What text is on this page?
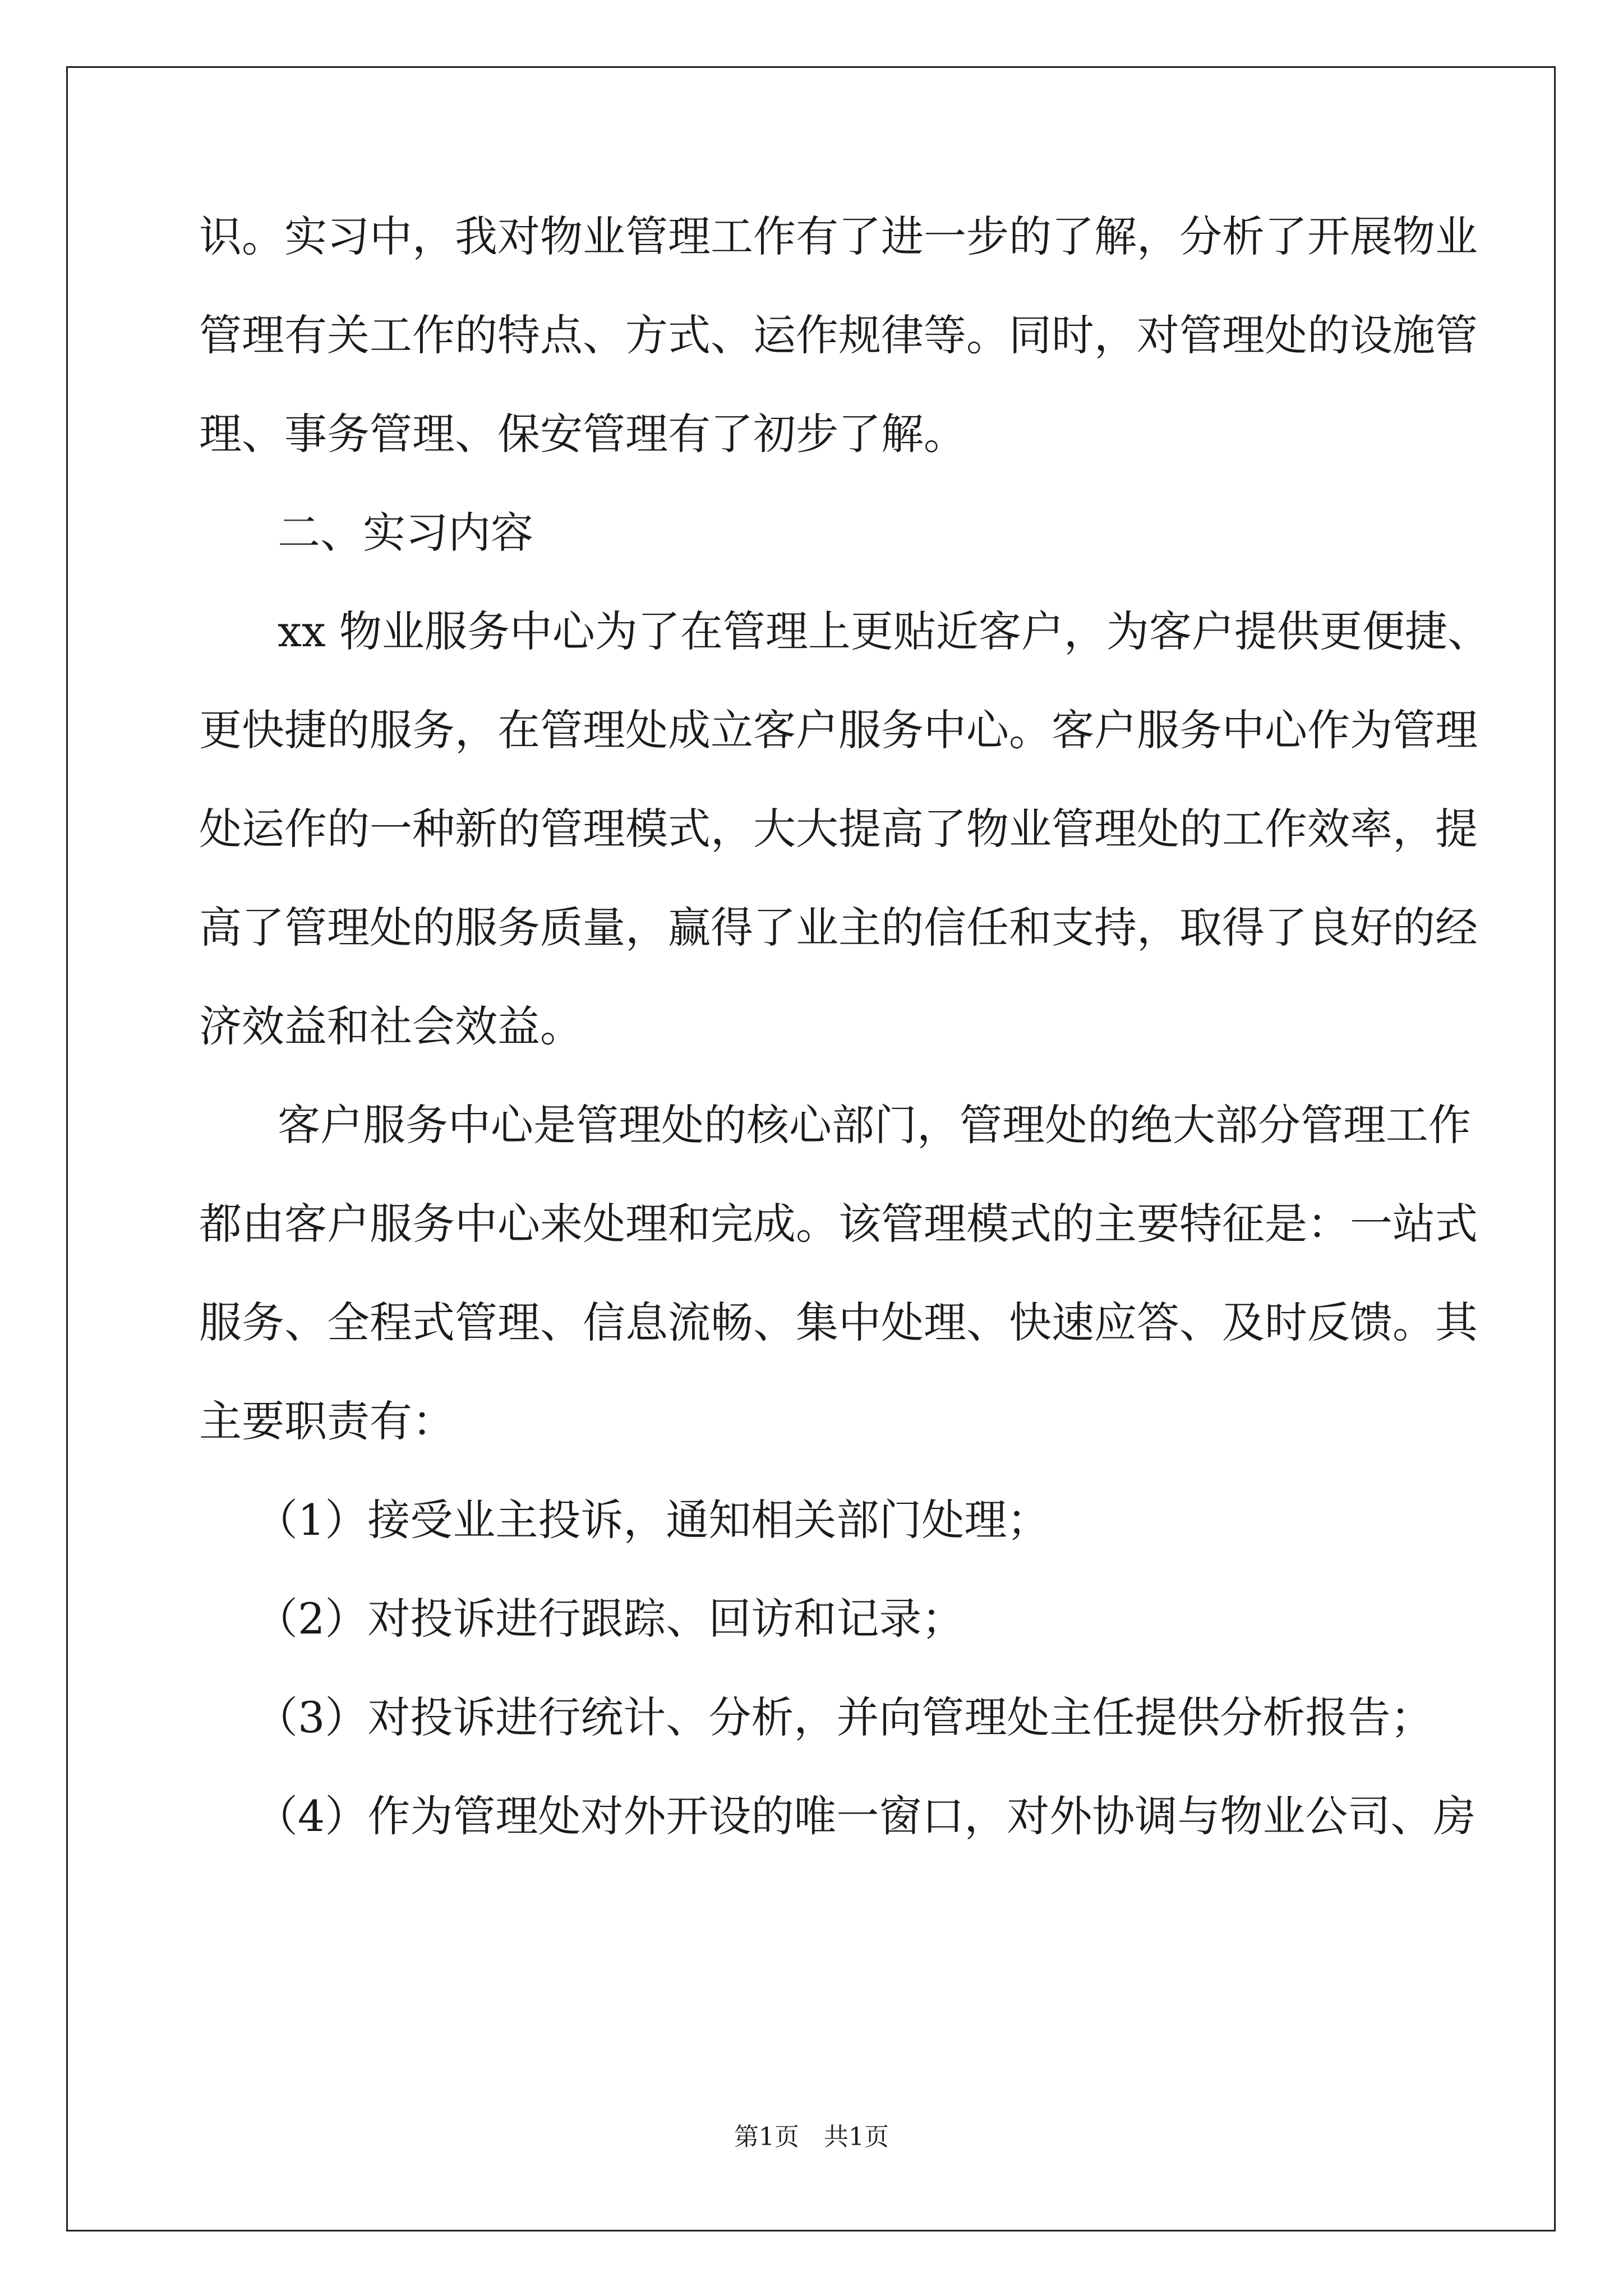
识。实习中，我对物业管理工作有了进一步的了解，分析了开展物业
管理有关工作的特点、方式、运作规律等。同时，对管理处的设施管
理、事务管理、保安管理有了初步了解。
二、实习内容
xx 物业服务中心为了在管理上更贴近客户，为客户提供更便捷、
更快捷的服务，在管理处成立客户服务中心。客户服务中心作为管理
处运作的一种新的管理模式，大大提高了物业管理处的工作效率，提
高了管理处的服务质量，赢得了业主的信任和支持，取得了良好的经
济效益和社会效益。
客户服务中心是管理处的核心部门，管理处的绝大部分管理工作
都由客户服务中心来处理和完成。该管理模式的主要特征是：一站式
服务、全程式管理、信息流畅、集中处理、快速应答、及时反馈。其
主要职责有：
（1）接受业主投诉，通知相关部门处理；
（2）对投诉进行跟踪、回访和记录；
（3）对投诉进行统计、分析，并向管理处主任提供分析报告；
（4）作为管理处对外开设的唯一窗口，对外协调与物业公司、房
第1页　共1页
